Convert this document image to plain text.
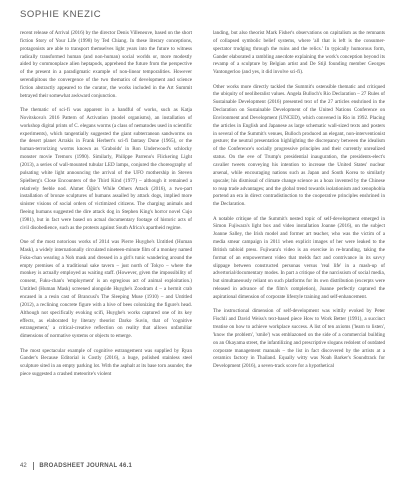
SOPHIE KNEZIC

recent release of Arrival (2016) by the director Denis Villeneuve, based on the short fiction Story of Your Life (1998) by Ted Chiang. In these literary conceptions, protagonists are able to transport themselves light years into the future to witness radically transformed human (and non-human) social worlds or, more modestly aided by commonplace alien heptapods, apprehend the future from the perspective of the present in a paradigmatic example of non-linear temporalities. However serendipitous the convergence of the two thematics of development and science fiction abstractly appeared to the curator, the works included in the Art Summit betrayed their somewhat awkward conjunction.

The thematic of sci-fi was apparent in a handful of works, such as Katja Novitskova's 2016 Pattern of Activation (model organisms), an installation of workshop digital prints of C. elegans worms (a class of nematodes used in scientific experiments), which tangentially suggested the giant subterranean sandworms on the desert planet Arrakis in Frank Herbert's sci-fi fantasy Dune (1965), or the human-terrorizing worms known as 'Graboids' in Ron Underwood's schlocky monster movie Tremors (1990). Similarly, Philippe Parreno's Flickering Light (2013), a series of wall-mounted tubular LED lamps, conjured the choreography of pulsating white light announcing the arrival of the UFO mothership in Steven Spielberg's Close Encounters of the Third Kind (1977) – although it remained a relatively feeble nod. Ahmet Öğüt's While Others Attack (2016), a two-part installation of bronze sculptures of humans assailed by attack dogs, implied more sinister visions of social orders of victimized citizens. The charging animals and fleeing humans suggested the dire attack dog in Stephen King's horror novel Cujo (1981), but in fact were based on actual documentary footage of historic acts of civil disobedience, such as the protests against South Africa's apartheid regime.

One of the most notorious works of 2014 was Pierre Huyghe's Untitled (Human Mask), a widely internationally circulated nineteen-minute film of a monkey named Fuku-chan wearing a Noh mask and dressed in a girl's tunic wandering around the empty premises of a traditional sake tavern – just north of Tokyo – where the monkey is actually employed as waiting staff. (However, given the impossibility of consent, Fuku-chan's 'employment' is an egregious act of animal exploitation.) Untitled (Human Mask) screened alongside Huyghe's Zoodram 4 – a hermit crab encased in a resin cast of Brancusi's The Sleeping Muse (1910) – and Untitled (2012), a reclining concrete figure with a hive of bees colonizing the figure's head. Although not specifically evoking scifi, Huyghe's works captured one of its key effects, as elaborated by literary theorist Darko Suvin, that of 'cognitive estrangement,' a critical-creative reflection on reality that allows unfamiliar dimensions of normative systems or objects to emerge.

The most spectacular example of cognitive estrangement was supplied by Ryan Gander's Because Editorial is Costly (2016), a huge, polished stainless steel sculpture sited in an empty parking lot. With the asphalt at its base torn asunder, the piece suggested a crashed meteorite's violent

landing, but also theorist Mark Fisher's observations on capitalism as the remnants of collapsed symbolic belief systems, where 'all that is left is the consumer-spectator trudging through the ruins and the relics.' In typically humorous form, Gander elaborated a rambling anecdote explaining the work's conception beyond its revamp of a sculpture by Belgian artist and De Stijl founding member Georges Vantongerloo (and yes, it did involve sci-fi).

Other works more directly tackled the Summit's ostensible thematic and critiqued the ubiquity of neoliberalist values. Angela Bulloch's Rio Declaration – 27 Rules of Sustainable Development (2016) presented text of the 27 articles enshrined in the Declaration on Sustainable Development of the United Nations Conference on Environment and Development (UNCED), which convened in Rio in 1992. Placing the articles in English and Japanese as large schematic wall-sized texts and posters in several of the Summit's venues, Bulloch produced an elegant, non-interventionist gesture; the neutral presentation highlighting the discrepancy between the idealism of the Conference's socially progressive principles and their currently unrealized status. On the eve of Trump's presidential inauguration, the presidents-elect's cavalier tweets conveying his intention to increase the United States' nuclear arsenal, while encouraging nations such as Japan and South Korea to similarly upscale; his dismissal of climate change science as a hoax invented by the Chinese to reap trade advantages; and the global trend towards isolationism and xenophobia portend an era in direct contradistinction to the cooperative principles enshrined in the Declaration.

A notable critique of the Summit's nested topic of self-development emerged in Simon Fujiwara's light box and video installation Joanne (2016), on the subject Joanne Salley, the Irish model and former art teacher, who was the victim of a media smear campaign in 2011 when explicit images of her were leaked to the British tabloid press. Fujiwara's video is an exercise in re-branding, taking the format of an empowerment video that melds fact and contrivance in its savvy slippage between constructed personas versus 'real life' in a mash-up of advertorial/documentary modes. In part a critique of the narcissism of social media, but simultaneously reliant on such platforms for its own distribution (excerpts were released in advance of the film's completion), Joanne perfectly captured the aspirational dimension of corporate lifestyle training and self-enhancement.

The instructional dimension of self-development was wittily evoked by Peter Fischli and David Weiss's text-based piece How to Work Better (1991), a succinct treatise on how to achieve workplace success. A list of ten axioms ('learn to listen', 'know the problem', 'smile') was emblazoned on the side of a commercial building on an Okayama street, the infantilizing and prescriptive slogans redolent of outdated corporate management manuals – the list in fact discovered by the artists at a ceramics factory in Thailand. Equally witty was Noah Barker's Soundtrack for Development (2016), a seven-track score for a hypothetical

42 BROADSHEET JOURNAL 46.1
